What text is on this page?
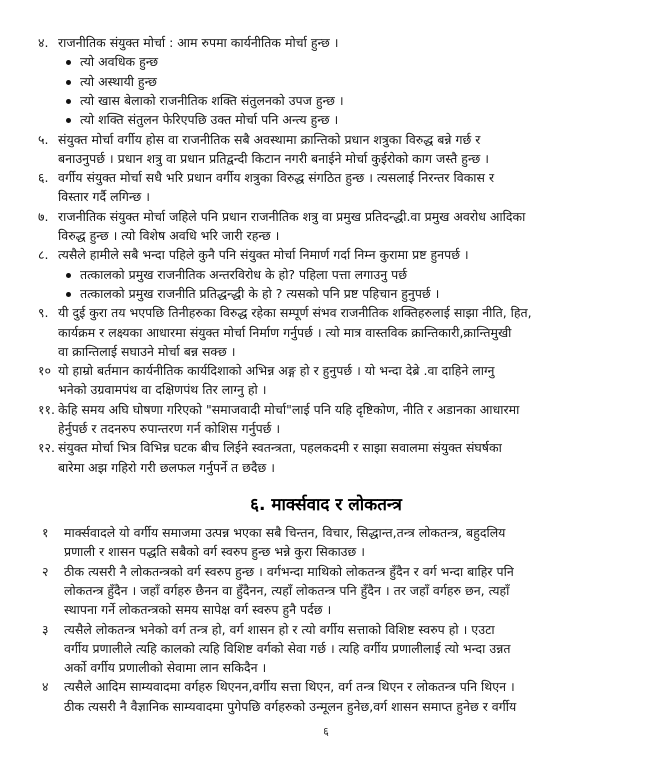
४. राजनीतिक संयुक्त मोर्चा : आम रुपमा कार्यनीतिक मोर्चा हुन्छ ।
त्यो अवधिक हुन्छ
त्यो अस्थायी हुन्छ
त्यो खास बेलाको राजनीतिक शक्ति संतुलनको उपज हुन्छ ।
त्यो शक्ति संतुलन फेरिएपछि उक्त मोर्चा पनि अन्त्य हुन्छ ।
५. संयुक्त मोर्चा वर्गीय होस वा राजनीतिक सबै अवस्थामा क्रान्तिको प्रधान शत्रुका विरुद्ध बन्ने गर्छ र
बनाउनुपर्छ । प्रधान शत्रु वा प्रधान प्रतिद्वन्दी किटान नगरी बनाईने मोर्चा कुईरोको काग जस्तै हुन्छ ।
६. वर्गीय संयुक्त मोर्चा सधै भरि प्रधान वर्गीय शत्रुका विरुद्ध संगठित हुन्छ । त्यसलाई निरन्तर विकास र
विस्तार गर्दै लगिन्छ ।
७. राजनीतिक संयुक्त मोर्चा जहिले पनि प्रधान राजनीतिक शत्रु वा प्रमुख प्रतिदन्द्धी.वा प्रमुख अवरोध आदिका
विरुद्ध हुन्छ । त्यो विशेष अवधि भरि जारी रहन्छ ।
८. त्यसैले हामीले सबै भन्दा पहिले कुनै पनि संयुक्त मोर्चा निमार्ण गर्दा निम्न कुरामा प्रष्ट हुनपर्छ ।
तत्कालको प्रमुख राजनीतिक अन्तरविरोध के हो? पहिला पत्ता लगाउनु पर्छ
तत्कालको प्रमुख राजनीति प्रतिद्धन्द्धी के हो ? त्यसको पनि प्रष्ट पहिचान हुनुपर्छ ।
९. यी दुई कुरा तय भएपछि तिनीहरुका विरुद्ध रहेका सम्पूर्ण संभव राजनीतिक शक्तिहरुलाई साझा नीति, हित,
कार्यक्रम र लक्ष्यका आधारमा संयुक्त मोर्चा निर्माण गर्नुपर्छ । त्यो मात्र वास्तविक क्रान्तिकारी,क्रान्तिमुखी
वा क्रान्तिलाई सघाउने मोर्चा बन्न सक्छ ।
१० यो हाम्रो बर्तमान कार्यनीतिक कार्यदिशाको अभिन्न अङ्ग हो र हुनुपर्छ । यो भन्दा देब्रे .वा दाहिने लाग्नु
भनेको उग्रवामपंथ वा दक्षिणपंथ तिर लाग्नु हो ।
११. केहि समय अघि घोषणा गरिएको "समाजवादी मोर्चा"लाई पनि यहि दृष्टिकोण, नीति र अडानका आधारमा
हेर्नुपर्छ र तदनरुप रुपान्तरण गर्न कोशिस गर्नुपर्छ ।
१२. संयुक्त मोर्चा भित्र विभिन्न घटक बीच लिईने स्वतन्त्रता, पहलकदमी र साझा सवालमा संयुक्त संघर्षका
बारेमा अझ गहिरो गरी छलफल गर्नुपर्ने त छदैछ ।
६. मार्क्सवाद र लोकतन्त्र
१ मार्क्सवादले यो वर्गीय समाजमा उत्पन्न भएका सबै चिन्तन, विचार, सिद्धान्त,तन्त्र लोकतन्त्र, बहुदलिय
प्रणाली र शासन पद्धति सबैको वर्ग स्वरुप हुन्छ भन्ने कुरा सिकाउछ ।
२ ठीक त्यसरी नै लोकतन्त्रको वर्ग स्वरुप हुन्छ । वर्गभन्दा माथिको लोकतन्त्र हुँदैन र वर्ग भन्दा बाहिर पनि
लोकतन्त्र हुँदैन । जहाँ वर्गहरु छैनन वा हुँदैनन, त्यहाँ लोकतन्त्र पनि हुँदैन । तर जहाँ वर्गहरु छन, त्यहाँ
स्थापना गर्ने लोकतन्त्रको समय सापेक्ष वर्ग स्वरुप हुनै पर्दछ ।
३ त्यसैले लोकतन्त्र भनेको वर्ग तन्त्र हो, वर्ग शासन हो र त्यो वर्गीय सत्ताको विशिष्ट स्वरुप हो । एउटा
वर्गीय प्रणालीले त्यहि कालको त्यहि विशिष्ट वर्गको सेवा गर्छ । त्यहि वर्गीय प्रणालीलाई त्यो भन्दा उन्नत
अर्को वर्गीय प्रणालीको सेवामा लान सकिदैन ।
४ त्यसैले आदिम साम्यवादमा वर्गहरु थिएनन,वर्गीय सत्ता थिएन, वर्ग तन्त्र थिएन र लोकतन्त्र पनि थिएन ।
ठीक त्यसरी नै वैज्ञानिक साम्यवादमा पुगेपछि वर्गहरुको उन्मूलन हुनेछ,वर्ग शासन समाप्त हुनेछ र वर्गीय
६
